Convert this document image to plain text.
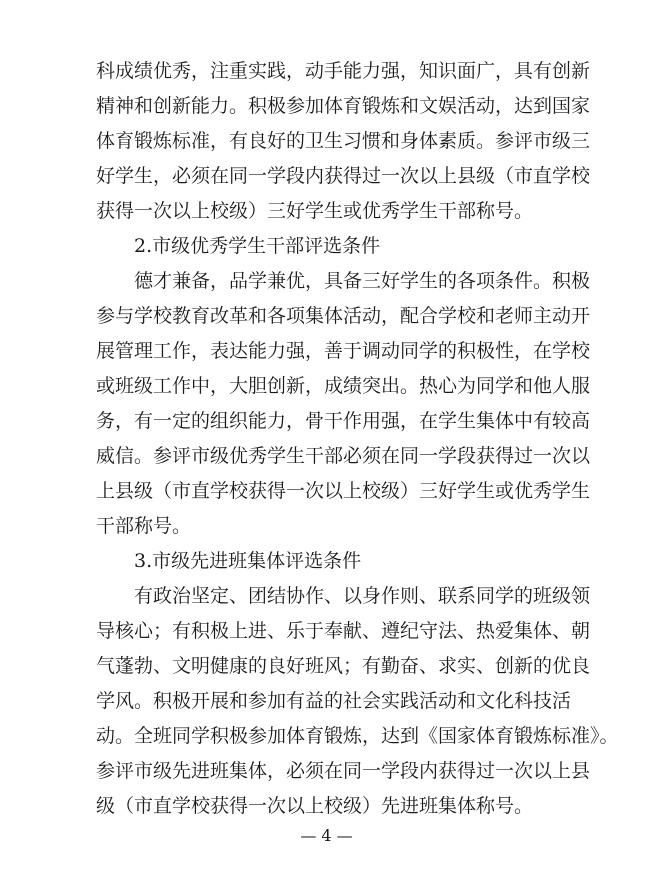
科成绩优秀，注重实践，动手能力强，知识面广，具有创新
精神和创新能力。积极参加体育锻炼和文娱活动，达到国家
体育锻炼标准，有良好的卫生习惯和身体素质。参评市级三
好学生，必须在同一学段内获得过一次以上县级（市直学校
获得一次以上校级）三好学生或优秀学生干部称号。
2.市级优秀学生干部评选条件
德才兼备，品学兼优，具备三好学生的各项条件。积极
参与学校教育改革和各项集体活动，配合学校和老师主动开
展管理工作，表达能力强，善于调动同学的积极性，在学校
或班级工作中，大胆创新，成绩突出。热心为同学和他人服
务，有一定的组织能力，骨干作用强，在学生集体中有较高
威信。参评市级优秀学生干部必须在同一学段获得过一次以
上县级（市直学校获得一次以上校级）三好学生或优秀学生
干部称号。
3.市级先进班集体评选条件
有政治坚定、团结协作、以身作则、联系同学的班级领
导核心；有积极上进、乐于奉献、遵纪守法、热爱集体、朝
气蓬勃、文明健康的良好班风；有勤奋、求实、创新的优良
学风。积极开展和参加有益的社会实践活动和文化科技活
动。全班同学积极参加体育锻炼，达到《国家体育锻炼标准》。
参评市级先进班集体，必须在同一学段内获得过一次以上县
级（市直学校获得一次以上校级）先进班集体称号。
— 4 —
